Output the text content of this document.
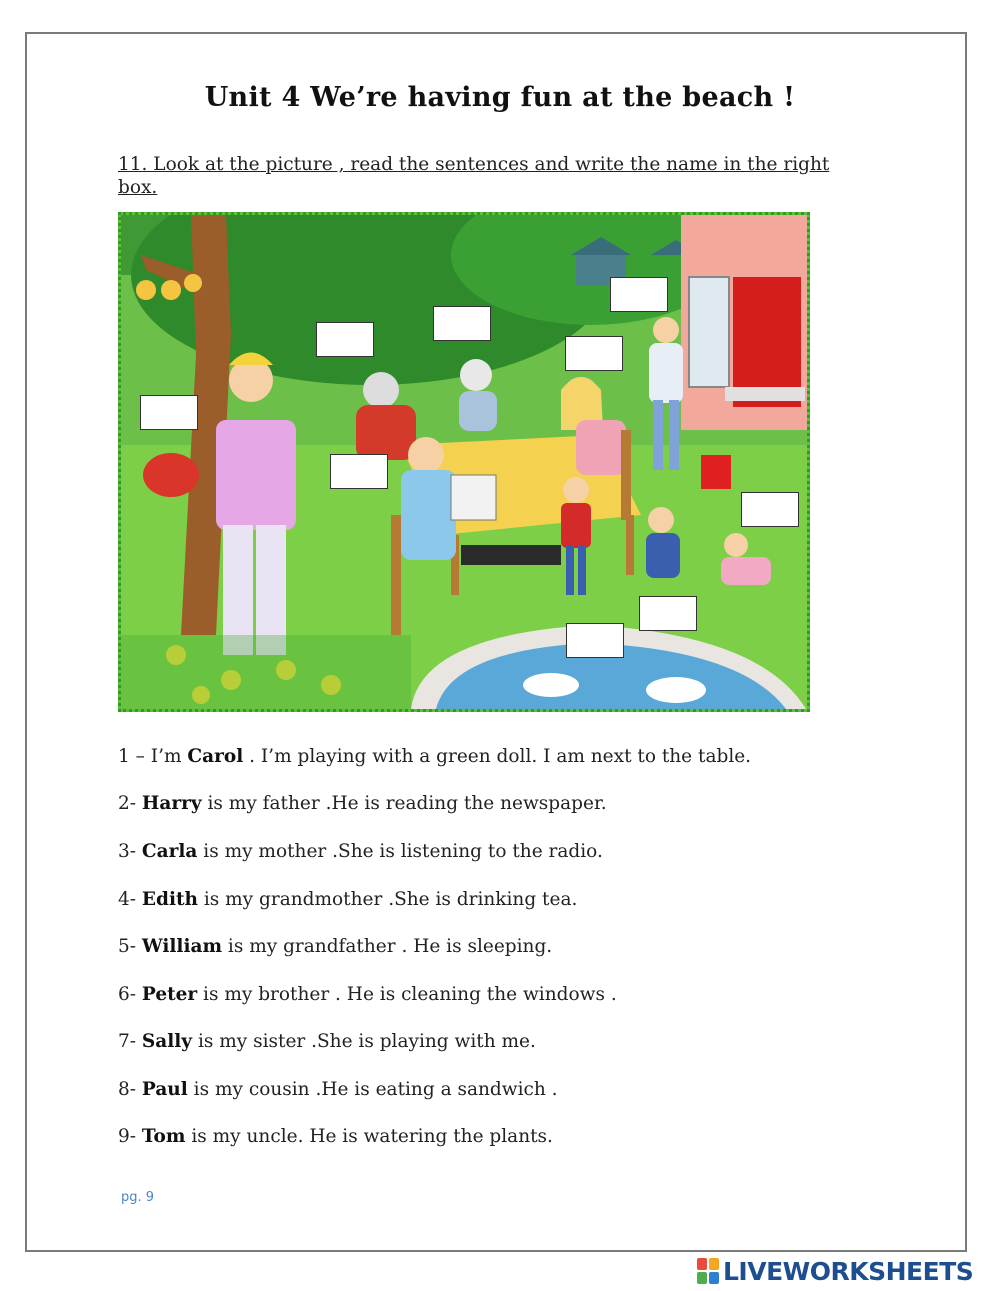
Unit 4 We’re having fun at the beach !
11. Look at the picture , read the sentences and write the name in the right box.
1 – I’m Carol . I’m playing with a green doll. I am next to the table.
2- Harry is my father .He is reading the newspaper.
3- Carla is my mother .She is listening to the radio.
4- Edith is my grandmother .She is drinking tea.
5- William is my grandfather . He is sleeping.
6- Peter is my brother . He is cleaning the windows .
7- Sally is my sister .She is playing with me.
8- Paul is my cousin .He is eating a sandwich .
9- Tom is my uncle. He is watering the plants.
pg. 9
LIVEWORKSHEETS
